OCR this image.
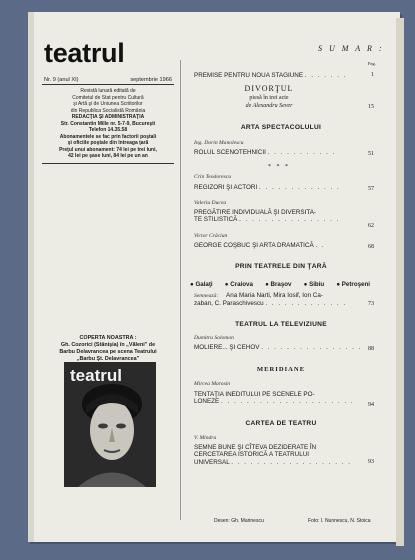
teatrul
Nr. 9 (anul XI)	septembrie 1966
Revistă lunară editată de
Comitetul de Stat pentru Cultură
şi Artă şi de Uniunea Scriitorilor
din Republica Socialistă România
REDACŢIA ŞI ADMINISTRAŢIA
Str. Constantin Mille nr. 5-7-9, Bucureşti
Telefon 14.35.58
Abonamentele se fac prin factorii poştali
şi oficiile poştale din întreaga ţară
Preţul unui abonament: 74 lei pe trei luni,
42 lei pe şase luni, 84 lei pe un an
COPERTA NOASTRA :
Gh. Cozorici (Stânişia) în „Văleni" de
Barbu Delavrancea pe scena Teatrului
„Barbu Şt. Delavrancea"
teatrul
S U M A R :
Pag.
PREMISE PENTRU NOUA STAGIUNE . . . . . . .	1
DIVORŢUL
piesă în trei acte
de Alexandru Sever	15
ARTA SPECTACOLULUI
Ing. Dorin Manolescu
ROLUL SCENOTEHNICII . . . . . . . . . . .	51
* * *
Crin Teodorescu
REGIZORI ŞI ACTORI . . . . . . . . . . . . .	57
Valeriu Ducea
PREGĂTIRE INDIVIDUALĂ ŞI DIVERSITA-
TE STILISTICĂ . . . . . . . . . . . . . . . .
62
Victor Crăciun
GEORGE COŞBUC ŞI ARTA DRAMATICĂ . .	68
PRIN TEATRELE DIN ŢARĂ
● Galaţi ● Craiova ● Braşov ● Sibiu ● Petroşeni
Semnează: Ana Maria Narti, Mira Iosif, Ion Ca-
zaban, C. Paraschivescu . . . . . . . . . . . . .	73
TEATRUL LA TELEVIZIUNE
Dumitru Solomon
MOLIERE... ŞI CEHOV . . . . . . . . . . . . . . . .	88
MERIDIANE
Mircea Marosin
TENTAŢIA INEDITULUI PE SCENELE PO-
LONEZE . . . . . . . . . . . . . . . . . . . . .	94
CARTEA DE TEATRU
V. Mindra
SEMNE BUNE ŞI CÎTEVA DEZIDERATE ÎN
CERCETAREA ISTORICĂ A TEATRULUI
UNIVERSAL . . . . . . . . . . . . . . . . . . .	93
Desen: Gh. Marinescu	Foto: I. Nunnescu, N. Stoica
